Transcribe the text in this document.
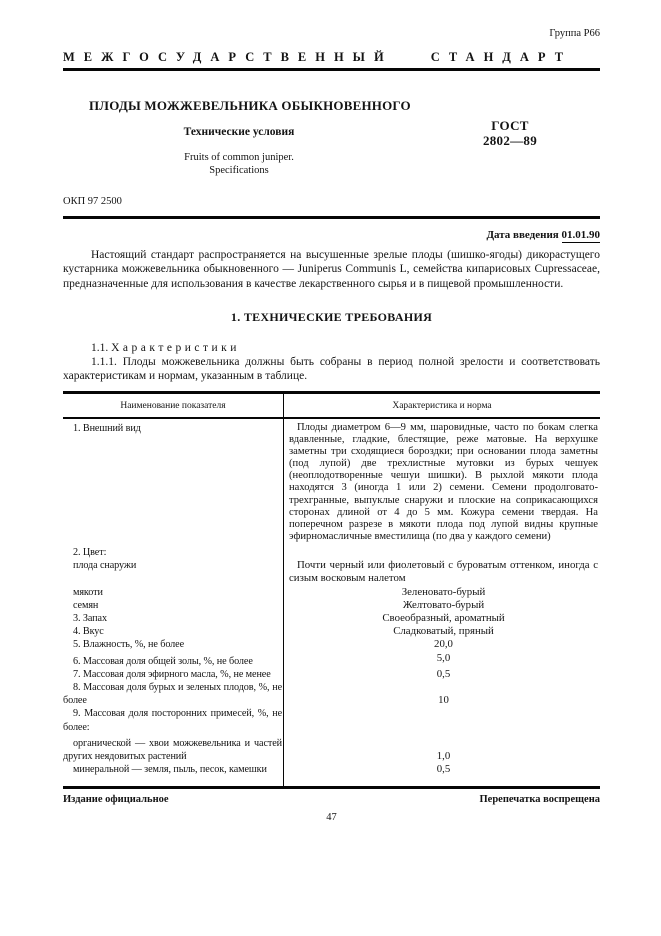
Группа Р66
МЕЖГОСУДАРСТВЕННЫЙ СТАНДАРТ
ПЛОДЫ МОЖЖЕВЕЛЬНИКА ОБЫКНОВЕННОГО
Технические условия
Fruits of common juniper.
Specifications
ГОСТ
2802—89
ОКП 97 2500
Дата введения 01.01.90

Настоящий стандарт распространяется на высушенные зрелые плоды (шишко-ягоды) дикорастущего кустарника можжевельника обыкновенного — Juniperus Communis L, семейства кипарисовых Cupressaceae, предназначенные для использования в качестве лекарственного сырья и в пищевой промышленности.

1. ТЕХНИЧЕСКИЕ ТРЕБОВАНИЯ
1.1. Характеристики

1.1.1. Плоды можжевельника должны быть собраны в период полной зрелости и соответствовать характеристикам и нормам, указанным в таблице.

Наименование показателя	Характеристика и норма
1. Внешний вид	Плоды диаметром 6—9 мм, шаровидные, часто по бокам слегка вдавленные, гладкие, блестящие, реже матовые. На верхушке заметны три сходящиеся бороздки; при основании плода заметны (под лупой) две трехлистные мутовки из бурых чешуек (неоплодотворенные чешуи шишки). В рыхлой мякоти плода находятся 3 (иногда 1 или 2) семени. Семени продолговато-трехгранные, выпуклые снаружи и плоские на соприкасающихся сторонах длиной от 4 до 5 мм. Кожура семени твердая. На поперечном разрезе в мякоти плода под лупой видны крупные эфирномасличные вместилища (по два у каждого семени)
2. Цвет:
плода снаружи	Почти черный или фиолетовый с буроватым оттенком, иногда с сизым восковым налетом
мякоти	Зеленовато-бурый
семян	Желтовато-бурый
3. Запах	Своеобразный, ароматный
4. Вкус	Сладковатый, пряный
5. Влажность, %, не более	20,0
6. Массовая доля общей золы, %, не более	5,0
7. Массовая доля эфирного масла, %, не менее	0,5
8. Массовая доля бурых и зеленых плодов, %, не более	10
9. Массовая доля посторонних примесей, %, не более:
органической — хвои можжевельника и частей других неядовитых растений	1,0
минеральной — земля, пыль, песок, камешки	0,5
Издание официальное	Перепечатка воспрещена
47
